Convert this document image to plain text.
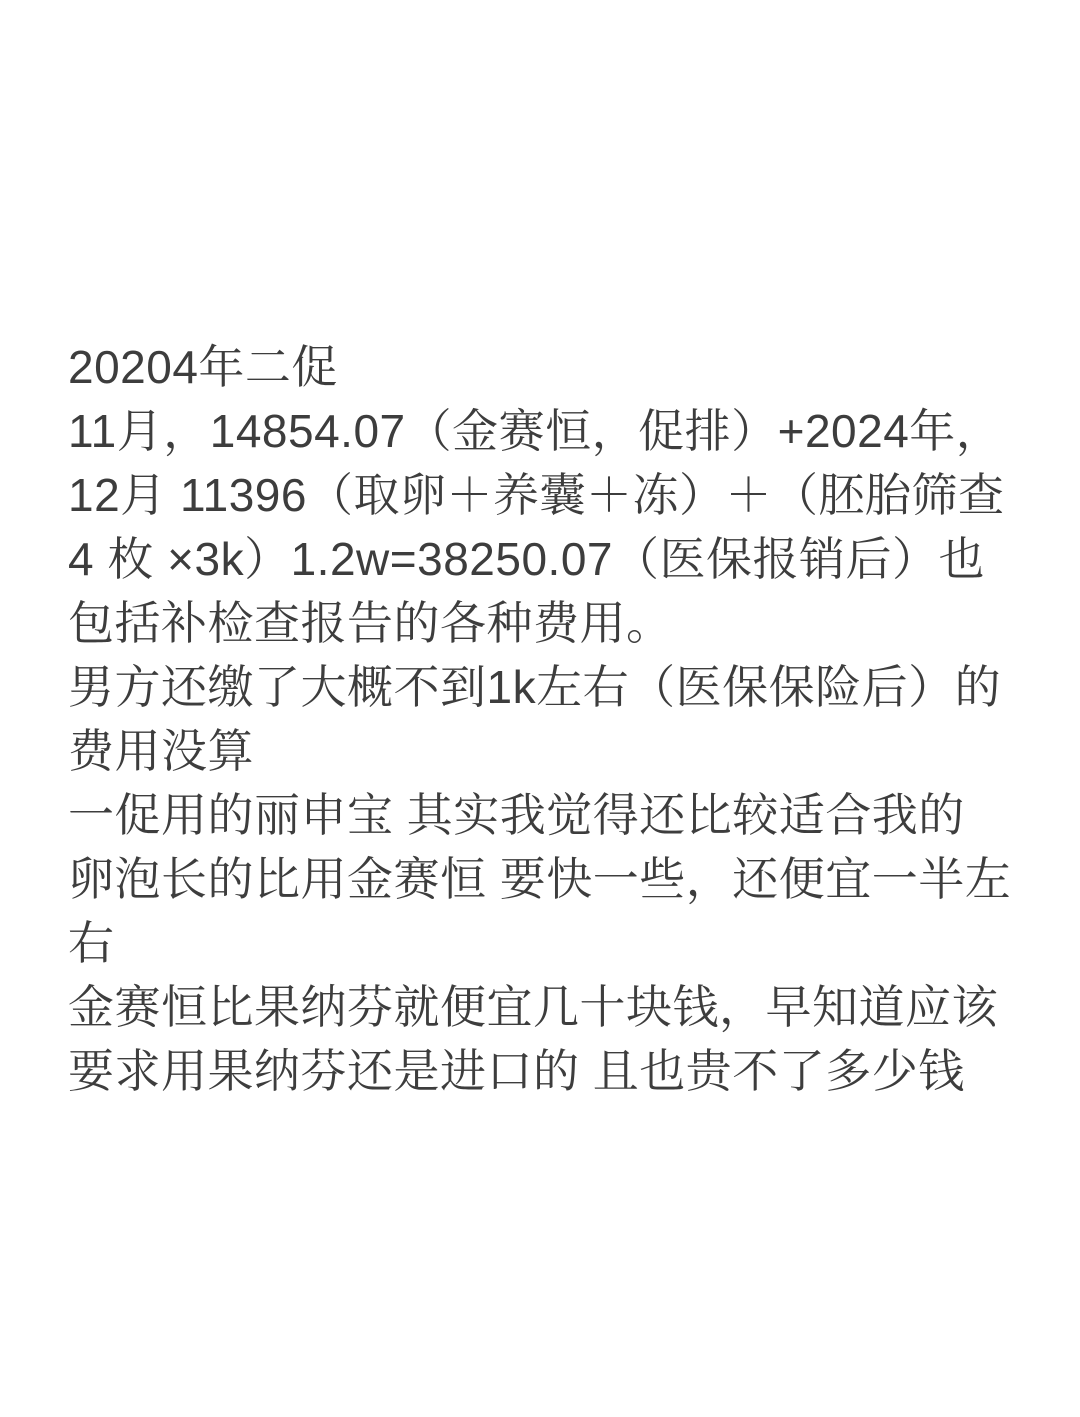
20204年二促

11月，14854.07（金赛恒，促排）+2024年，12月 11396（取卵＋养囊＋冻）＋（胚胎筛查 4 枚 ×3k）1.2w=38250.07（医保报销后）也包括补检查报告的各种费用。

男方还缴了大概不到1k左右（医保保险后）的费用没算

一促用的丽申宝 其实我觉得还比较适合我的 卵泡长的比用金赛恒 要快一些，还便宜一半左右

金赛恒比果纳芬就便宜几十块钱，早知道应该要求用果纳芬还是进口的 且也贵不了多少钱
